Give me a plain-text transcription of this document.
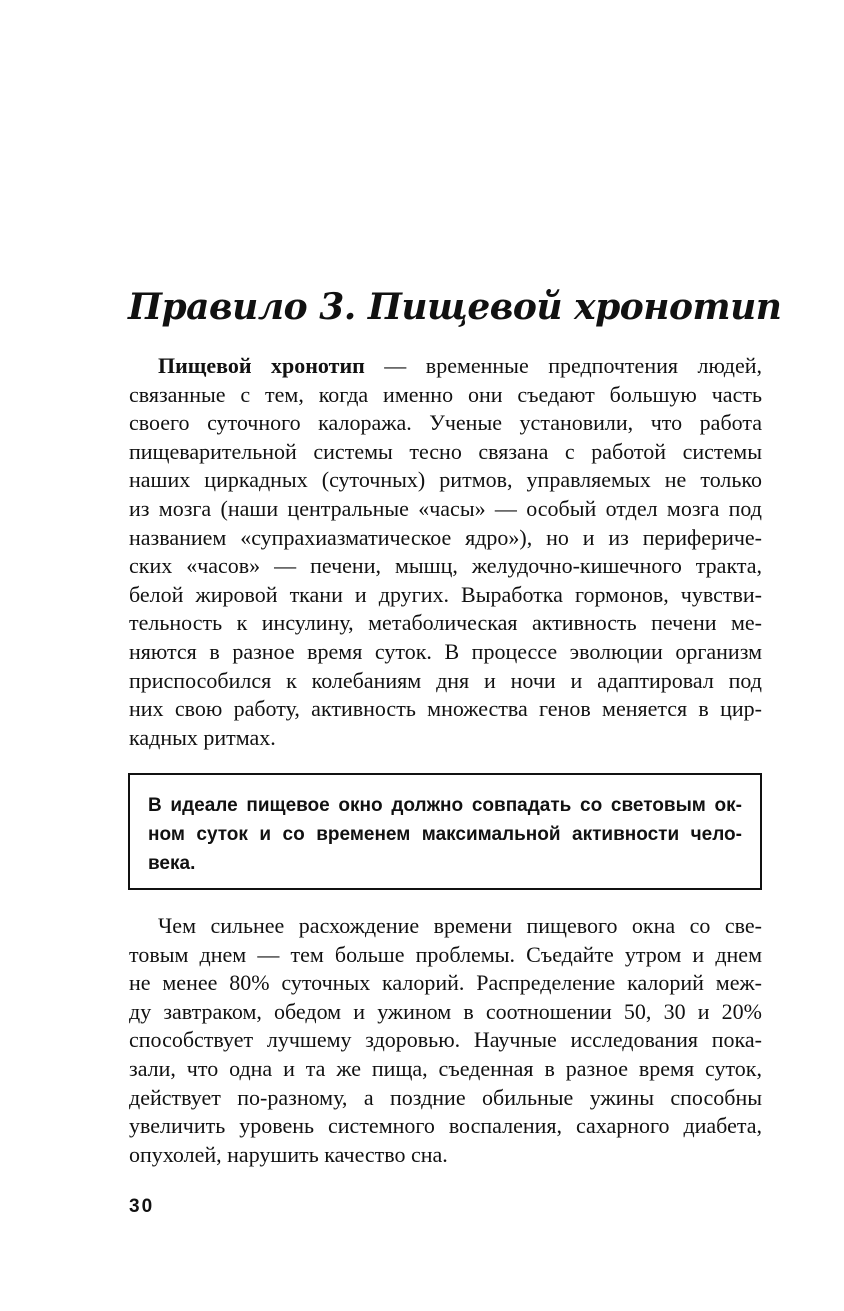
Правило 3. Пищевой хронотип
Пищевой хронотип — временные предпочтения людей,
связанные с тем, когда именно они съедают большую часть
своего суточного калоража. Ученые установили, что работа
пищеварительной системы тесно связана с работой системы
наших циркадных (суточных) ритмов, управляемых не только
из мозга (наши центральные «часы» — особый отдел мозга под
названием «супрахиазматическое ядро»), но и из перифериче-
ских «часов» — печени, мышц, желудочно-кишечного тракта,
белой жировой ткани и других. Выработка гормонов, чувстви-
тельность к инсулину, метаболическая активность печени ме-
няются в разное время суток. В процессе эволюции организм
приспособился к колебаниям дня и ночи и адаптировал под
них свою работу, активность множества генов меняется в цир-
кадных ритмах.

В идеале пищевое окно должно совпадать со световым ок-
ном суток и со временем максимальной активности чело-
века.

Чем сильнее расхождение времени пищевого окна со све-
товым днем — тем больше проблемы. Съедайте утром и днем
не менее 80% суточных калорий. Распределение калорий меж-
ду завтраком, обедом и ужином в соотношении 50, 30 и 20%
способствует лучшему здоровью. Научные исследования пока-
зали, что одна и та же пища, съеденная в разное время суток,
действует по-разному, а поздние обильные ужины способны
увеличить уровень системного воспаления, сахарного диабета,
опухолей, нарушить качество сна.
30
